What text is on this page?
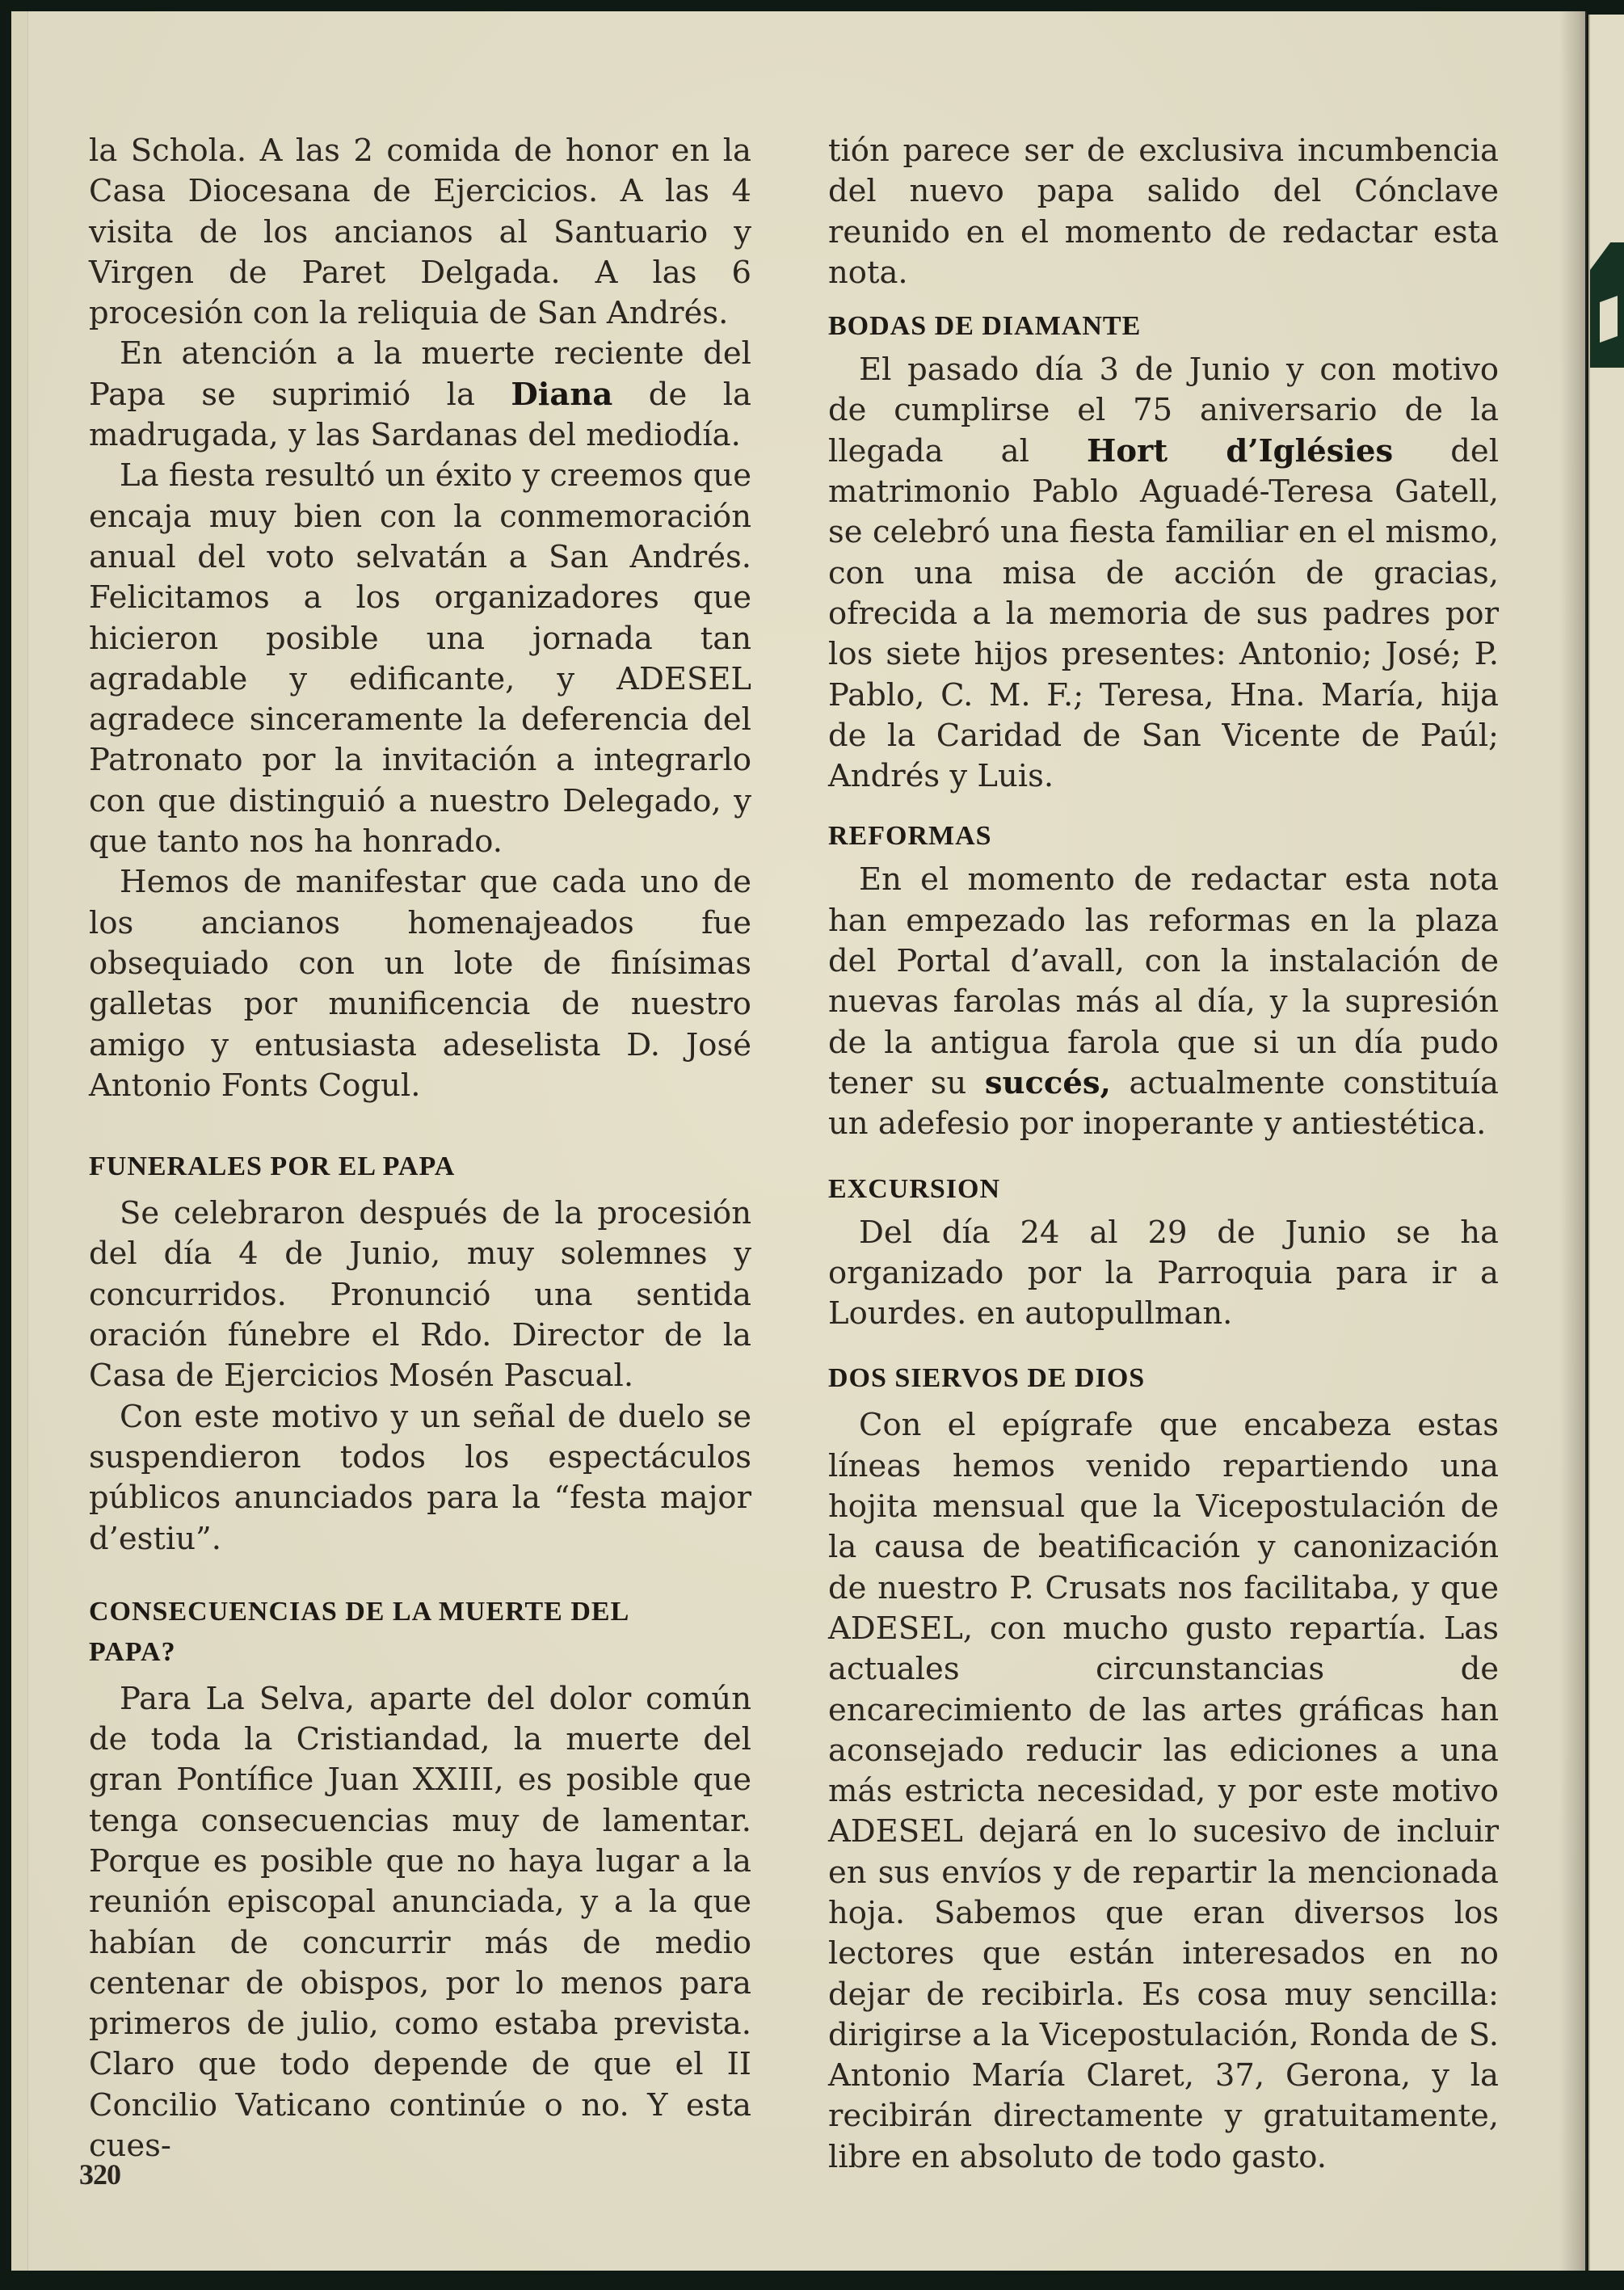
la Schola. A las 2 comida de honor en la Casa Diocesana de Ejercicios. A las 4 visita de los ancianos al Santuario y Virgen de Paret Delgada. A las 6 procesión con la reliquia de San Andrés.

En atención a la muerte reciente del Papa se suprimió la Diana de la madrugada, y las Sardanas del mediodía.

La fiesta resultó un éxito y creemos que encaja muy bien con la conmemoración anual del voto selvatán a San Andrés. Felicitamos a los organizadores que hicieron posible una jornada tan agradable y edificante, y ADESEL agradece sinceramente la deferencia del Patronato por la invitación a integrarlo con que distinguió a nuestro Delegado, y que tanto nos ha honrado.

Hemos de manifestar que cada uno de los ancianos homenajeados fue obsequiado con un lote de finísimas galletas por munificencia de nuestro amigo y entusiasta adeselista D. José Antonio Fonts Cogul.

FUNERALES POR EL PAPA

Se celebraron después de la procesión del día 4 de Junio, muy solemnes y concurridos. Pronunció una sentida oración fúnebre el Rdo. Director de la Casa de Ejercicios Mosén Pascual.

Con este motivo y un señal de duelo se suspendieron todos los espectáculos públicos anunciados para la “festa major d’estiu”.

CONSECUENCIAS DE LA MUERTE DEL PAPA?

Para La Selva, aparte del dolor común de toda la Cristiandad, la muerte del gran Pontífice Juan XXIII, es posible que tenga consecuencias muy de lamentar. Porque es posible que no haya lugar a la reunión episcopal anunciada, y a la que habían de concurrir más de medio centenar de obispos, por lo menos para primeros de julio, como estaba prevista. Claro que todo depende de que el II Concilio Vaticano continúe o no. Y esta cues-

tión parece ser de exclusiva incumbencia del nuevo papa salido del Cónclave reunido en el momento de redactar esta nota.

BODAS DE DIAMANTE

El pasado día 3 de Junio y con motivo de cumplirse el 75 aniversario de la llegada al Hort d’Iglésies del matrimonio Pablo Aguadé-Teresa Gatell, se celebró una fiesta familiar en el mismo, con una misa de acción de gracias, ofrecida a la memoria de sus padres por los siete hijos presentes: Antonio; José; P. Pablo, C. M. F.; Teresa, Hna. María, hija de la Caridad de San Vicente de Paúl; Andrés y Luis.

REFORMAS

En el momento de redactar esta nota han empezado las reformas en la plaza del Portal d’avall, con la instalación de nuevas farolas más al día, y la supresión de la antigua farola que si un día pudo tener su succés, actualmente constituía un adefesio por inoperante y antiestética.

EXCURSION

Del día 24 al 29 de Junio se ha organizado por la Parroquia para ir a Lourdes. en autopullman.

DOS SIERVOS DE DIOS

Con el epígrafe que encabeza estas líneas hemos venido repartiendo una hojita mensual que la Vicepostulación de la causa de beatificación y canonización de nuestro P. Crusats nos facilitaba, y que ADESEL, con mucho gusto repartía. Las actuales circunstancias de encarecimiento de las artes gráficas han aconsejado reducir las ediciones a una más estricta necesidad, y por este motivo ADESEL dejará en lo sucesivo de incluir en sus envíos y de repartir la mencionada hoja. Sabemos que eran diversos los lectores que están interesados en no dejar de recibirla. Es cosa muy sencilla: dirigirse a la Vicepostulación, Ronda de S. Antonio María Claret, 37, Gerona, y la recibirán directamente y gratuitamente, libre en absoluto de todo gasto.

320
